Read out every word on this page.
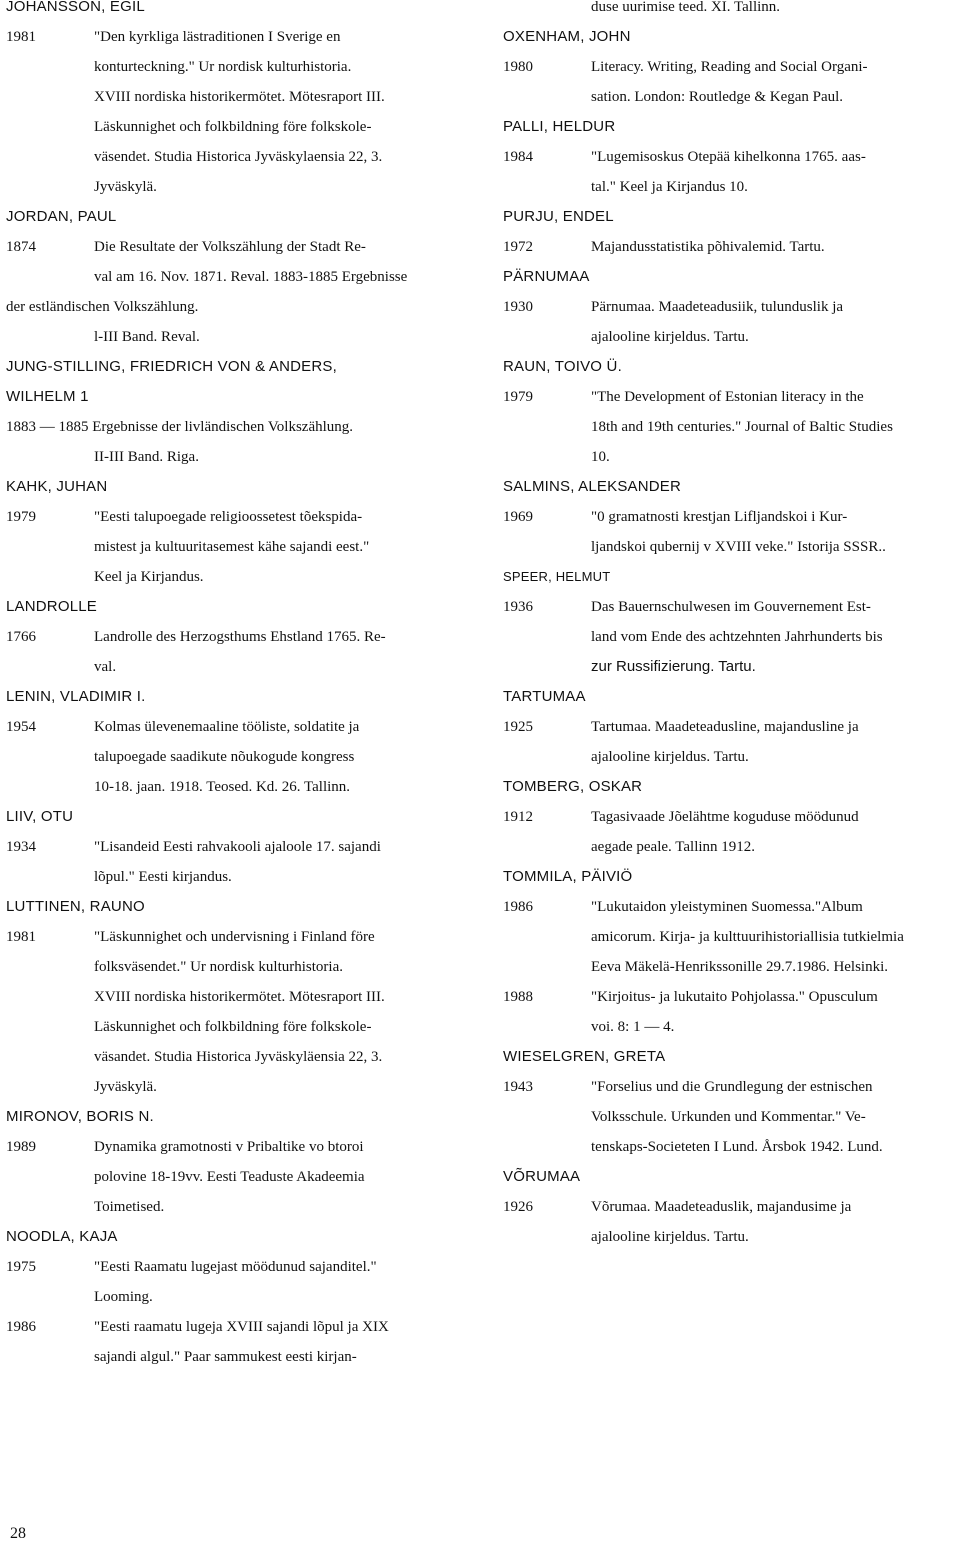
JOHANSSON, EGIL
1981	"Den kyrkliga lästraditionen I Sverige en
konturteckning." Ur nordisk kulturhistoria.
XVIII nordiska historikermötet. Mötesraport III.
Läskunnighet och folkbildning före folkskole-
väsendet. Studia Historica Jyväskylaensia 22, 3.
Jyväskylä.
JORDAN, PAUL
1874	Die Resultate der Volkszählung der Stadt Re-
val am 16. Nov. 1871. Reval. 1883-1885 Ergebnisse
der estländischen Volkszählung.
l-III Band. Reval.
JUNG-STILLING, FRIEDRICH VON & ANDERS,
WILHELM 1
1883 — 1885 Ergebnisse der livländischen Volkszählung.
II-III Band. Riga.
KAHK, JUHAN
1979	"Eesti talupoegade religioossetest tõekspida-
mistest ja kultuuritasemest kähe sajandi eest."
Keel ja Kirjandus.
LANDROLLE
1766	Landrolle des Herzogsthums Ehstland 1765. Re-
val.
LENIN, VLADIMIR I.
1954	Kolmas ülevenemaaline tööliste, soldatite ja
talupoegade saadikute nõukogude kongress
10-18. jaan. 1918. Teosed. Kd. 26. Tallinn.
LIIV, OTU
1934	"Lisandeid Eesti rahvakooli ajaloole 17. sajandi
lõpul." Eesti kirjandus.
LUTTINEN, RAUNO
1981	"Läskunnighet och undervisning i Finland före
folksväsendet." Ur nordisk kulturhistoria.
XVIII nordiska historikermötet. Mötesraport III.
Läskunnighet och folkbildning före folkskole-
väsandet. Studia Historica Jyväskyläensia 22, 3.
Jyväskylä.
MIRONOV, BORIS N.
1989	Dynamika gramotnosti v Pribaltike vo btoroi
polovine 18-19vv. Eesti Teaduste Akadeemia
Toimetised.
NOODLA, KAJA
1975	"Eesti Raamatu lugejast möödunud sajanditel."
Looming.
1986	"Eesti raamatu lugeja XVIII sajandi lõpul ja XIX
sajandi algul." Paar sammukest eesti kirjan-
duse uurimise teed. XI. Tallinn.
OXENHAM, JOHN
1980	Literacy. Writing, Reading and Social Organi-
sation. London: Routledge & Kegan Paul.
PALLI, HELDUR
1984	"Lugemisoskus Otepää kihelkonna 1765. aas-
tal." Keel ja Kirjandus 10.
PURJU, ENDEL
1972	Majandusstatistika põhivalemid. Tartu.
PÄRNUMAA
1930	Pärnumaa. Maadeteadusiik, tulunduslik ja
ajalooline kirjeldus. Tartu.
RAUN, TOIVO Ü.
1979	"The Development of Estonian literacy in the
18th and 19th centuries." Journal of Baltic Studies
10.
SALMINS, ALEKSANDER
1969	"0 gramatnosti krestjan Lifljandskoi i Kur-
ljandskoi qubernij v XVIII veke." Istorija SSSR..
SPEER, HELMUT
1936	Das Bauernschulwesen im Gouvernement Est-
land vom Ende des achtzehnten Jahrhunderts bis
zur Russifizierung. Tartu.
TARTUMAA
1925	Tartumaa. Maadeteadusline, majandusline ja
ajalooline kirjeldus. Tartu.
TOMBERG, OSKAR
1912	Tagasivaade Jõelähtme koguduse möödunud
aegade peale. Tallinn 1912.
TOMMILA, PÄIVIÖ
1986	"Lukutaidon yleistyminen Suomessa."Album
amicorum. Kirja- ja kulttuurihistoriallisia tutkielmia
Eeva Mäkelä-Henrikssonille 29.7.1986. Helsinki.
1988	"Kirjoitus- ja lukutaito Pohjolassa." Opusculum
voi. 8: 1 — 4.
WIESELGREN, GRETA
1943	"Forselius und die Grundlegung der estnischen
Volksschule. Urkunden und Kommentar." Ve-
tenskaps-Societeten I Lund. Årsbok 1942. Lund.
VÕRUMAA
1926	Võrumaa. Maadeteaduslik, majandusime ja
ajalooline kirjeldus. Tartu.
28
